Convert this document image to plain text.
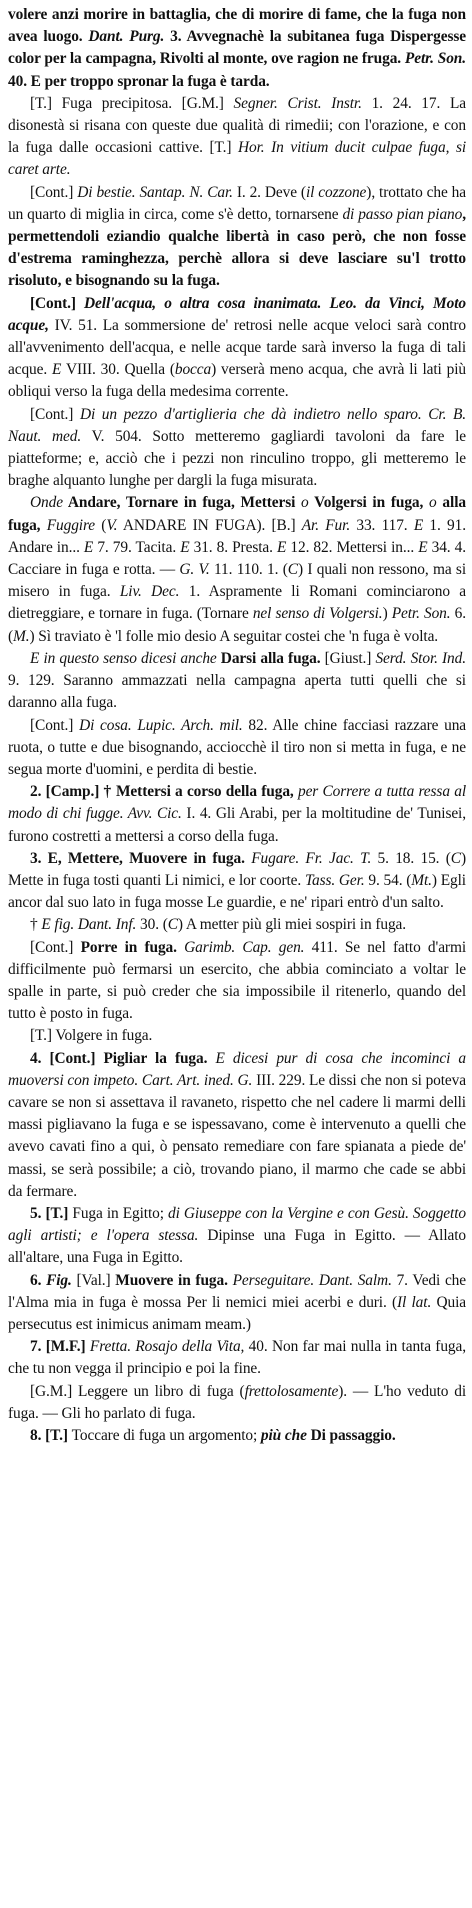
volere anzi morire in battaglia, che di morire di fame, che la fuga non avea luogo. Dant. Purg. 3. Avvegnachè la subitanea fuga Dispergesse color per la campagna, Rivolti al monte, ove ragion ne fruga. Petr. Son. 40. E per troppo spronar la fuga è tarda.

[T.] Fuga precipitosa. [G.M.] Segner. Crist. Instr. 1. 24. 17. La disonestà si risana con queste due qualità di rimedii; con l'orazione, e con la fuga dalle occasioni cattive. [T.] Hor. In vitium ducit culpae fuga, si caret arte.

[Cont.] Di bestie. Santap. N. Car. I. 2. Deve (il cozzone), trottato che ha un quarto di miglia in circa, come s'è detto, tornarsene di passo pian piano, permettendoli eziandio qualche libertà in caso però, che non fosse d'estrema raminghezza, perchè allora si deve lasciare su'l trotto risoluto, e bisognando su la fuga.

[Cont.] Dell'acqua, o altra cosa inanimata. Leo. da Vinci, Moto acque, IV. 51. La sommersione de' retrosi nelle acque veloci sarà contro all'avvenimento dell'acqua, e nelle acque tarde sarà inverso la fuga di tali acque. E VIII. 30. Quella (bocca) verserà meno acqua, che avrà li lati più obliqui verso la fuga della medesima corrente.

[Cont.] Di un pezzo d'artiglieria che dà indietro nello sparo. Cr. B. Naut. med. V. 504. Sotto metteremo gagliardi tavoloni da fare le piatteforme; e, acciò che i pezzi non rinculino troppo, gli metteremo le braghe alquanto lunghe per dargli la fuga misurata.

Onde Andare, Tornare in fuga, Mettersi o Volgersi in fuga, o alla fuga, Fuggire (V. ANDARE IN FUGA). [B.] Ar. Fur. 33. 117. E 1. 91. Andare in... E 7. 79. Tacita. E 31. 8. Presta. E 12. 82. Mettersi in... E 34. 4. Cacciare in fuga e rotta. — G. V. 11. 110. 1. (C) I quali non ressono, ma si misero in fuga. Liv. Dec. 1. Aspramente li Romani cominciarono a dietreggiare, e tornare in fuga. (Tornare nel senso di Volgersi.) Petr. Son. 6. (M.) Sì traviato è 'l folle mio desio A seguitar costei che 'n fuga è volta.

E in questo senso dicesi anche Darsi alla fuga. [Giust.] Serd. Stor. Ind. 9. 129. Saranno ammazzati nella campagna aperta tutti quelli che si daranno alla fuga.

[Cont.] Di cosa. Lupic. Arch. mil. 82. Alle chine facciasi razzare una ruota, o tutte e due bisognando, acciocchè il tiro non si metta in fuga, e ne segua morte d'uomini, e perdita di bestie.

2. [Camp.] † Mettersi a corso della fuga, per Correre a tutta ressa al modo di chi fugge. Avv. Cic. I. 4. Gli Arabi, per la moltitudine de' Tunisei, furono costretti a mettersi a corso della fuga.

3. E, Mettere, Muovere in fuga. Fugare. Fr. Jac. T. 5. 18. 15. (C) Mette in fuga tosti quanti Li nimici, e lor coorte. Tass. Ger. 9. 54. (Mt.) Egli ancor dal suo lato in fuga mosse Le guardie, e ne' ripari entrò d'un salto.

† E fig. Dant. Inf. 30. (C) A metter più gli miei sospiri in fuga.

[Cont.] Porre in fuga. Garimb. Cap. gen. 411. Se nel fatto d'armi difficilmente può fermarsi un esercito, che abbia cominciato a voltar le spalle in parte, si può creder che sia impossibile il ritenerlo, quando del tutto è posto in fuga.

[T.] Volgere in fuga.

4. [Cont.] Pigliar la fuga. E dicesi pur di cosa che incominci a muoversi con impeto. Cart. Art. ined. G. III. 229. Le dissi che non si poteva cavare se non si assettava il ravaneto, rispetto che nel cadere li marmi delli massi pigliavano la fuga e se ispessavano, come è intervenuto a quelli che avevo cavati fino a qui, ò pensato remediare con fare spianata a piede de' massi, se serà possibile; a ciò, trovando piano, il marmo che cade se abbi da fermare.

5. [T.] Fuga in Egitto; di Giuseppe con la Vergine e con Gesù. Soggetto agli artisti; e l'opera stessa. Dipinse una Fuga in Egitto. — Allato all'altare, una Fuga in Egitto.

6. Fig. [Val.] Muovere in fuga. Perseguitare. Dant. Salm. 7. Vedi che l'Alma mia in fuga è mossa Per li nemici miei acerbi e duri. (Il lat. Quia persecutus est inimicus animam meam.)

7. [M.F.] Fretta. Rosajo della Vita, 40. Non far mai nulla in tanta fuga, che tu non vegga il principio e poi la fine.

[G.M.] Leggere un libro di fuga (frettolosamente). — L'ho veduto di fuga. — Gli ho parlato di fuga.

8. [T.] Toccare di fuga un argomento; più che Di passaggio.
